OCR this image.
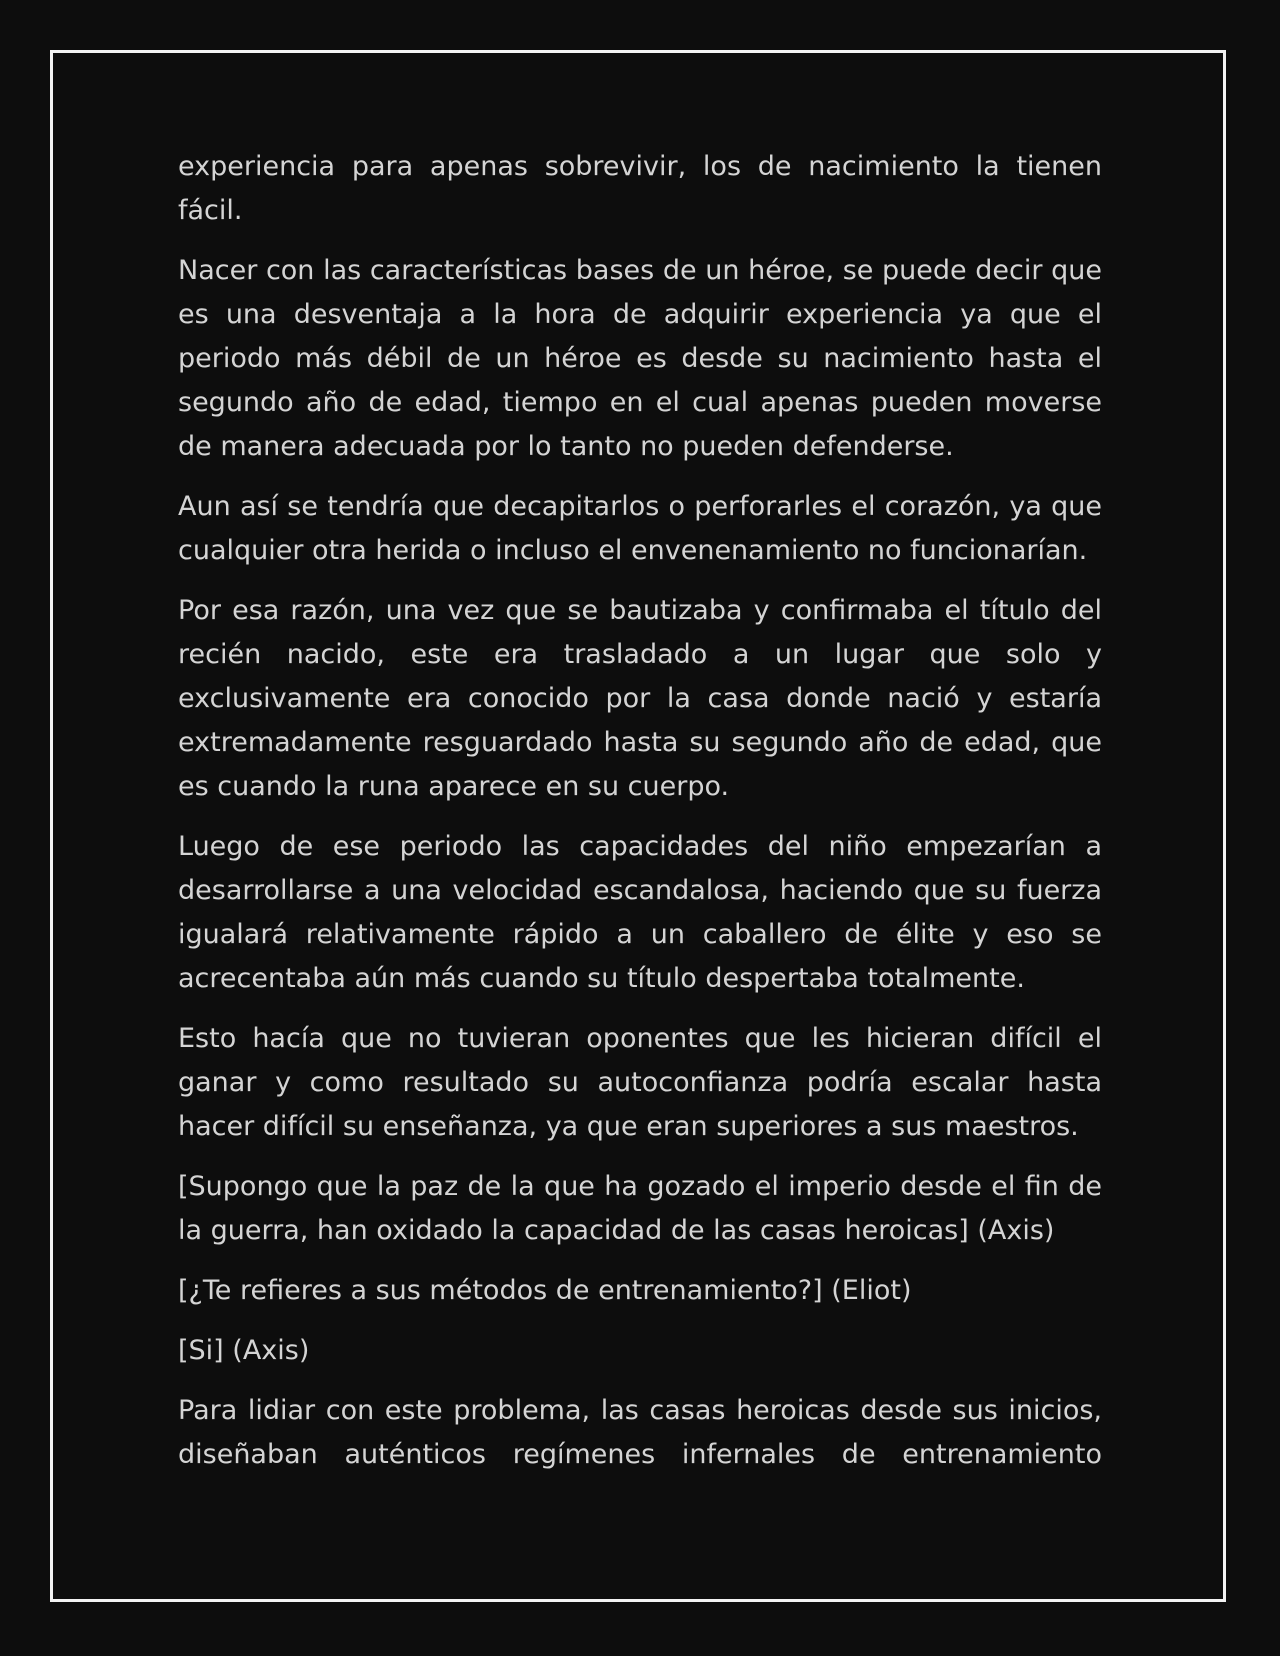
experiencia para apenas sobrevivir, los de nacimiento la tienen fácil.

Nacer con las características bases de un héroe, se puede decir que es una desventaja a la hora de adquirir experiencia ya que el periodo más débil de un héroe es desde su nacimiento hasta el segundo año de edad, tiempo en el cual apenas pueden moverse de manera adecuada por lo tanto no pueden defenderse.

Aun así se tendría que decapitarlos o perforarles el corazón, ya que cualquier otra herida o incluso el envenenamiento no funcionarían.

Por esa razón, una vez que se bautizaba y confirmaba el título del recién nacido, este era trasladado a un lugar que solo y exclusivamente era conocido por la casa donde nació y estaría extremadamente resguardado hasta su segundo año de edad, que es cuando la runa aparece en su cuerpo.

Luego de ese periodo las capacidades del niño empezarían a desarrollarse a una velocidad escandalosa, haciendo que su fuerza igualará relativamente rápido a un caballero de élite y eso se acrecentaba aún más cuando su título despertaba totalmente.

Esto hacía que no tuvieran oponentes que les hicieran difícil el ganar y como resultado su autoconfianza podría escalar hasta hacer difícil su enseñanza, ya que eran superiores a sus maestros.

[Supongo que la paz de la que ha gozado el imperio desde el fin de la guerra, han oxidado la capacidad de las casas heroicas] (Axis)

[¿Te refieres a sus métodos de entrenamiento?] (Eliot)

[Si] (Axis)

Para lidiar con este problema, las casas heroicas desde sus inicios, diseñaban auténticos regímenes infernales de entrenamiento
